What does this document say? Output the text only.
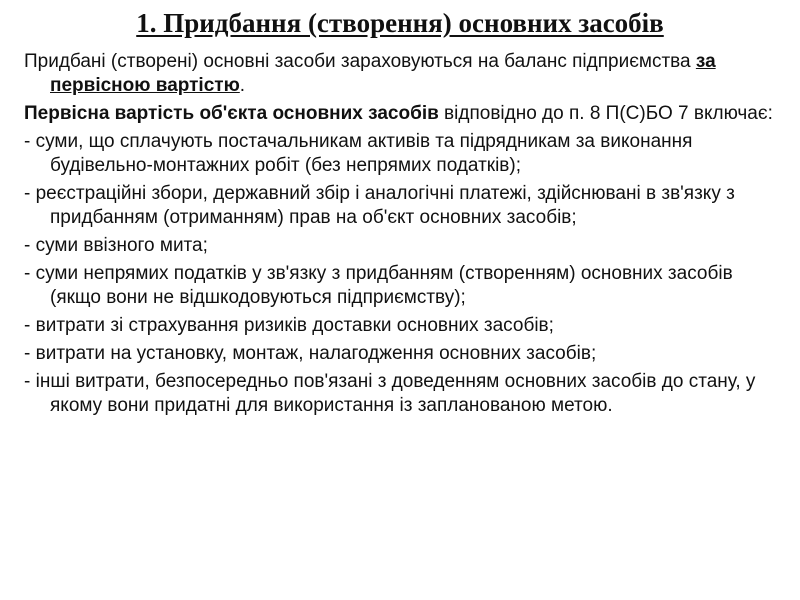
1. Придбання (створення) основних засобів

Придбані (створені) основні засоби зараховуються на баланс підприємства за первісною вартістю.

Первісна вартість об'єкта основних засобів відповідно до п. 8 П(С)БО 7 включає:

- суми, що сплачують постачальникам активів та підрядникам за виконання будівельно-монтажних робіт (без непрямих податків);

- реєстраційні збори, державний збір і аналогічні платежі, здійснювані в зв'язку з придбанням (отриманням) прав на об'єкт основних засобів;

- суми ввізного мита;

- суми непрямих податків у зв'язку з придбанням (створенням) основних засобів (якщо вони не відшкодовуються підприємству);

- витрати зі страхування ризиків доставки основних засобів;

- витрати на установку, монтаж, налагодження основних засобів;

- інші витрати, безпосередньо пов'язані з доведенням основних засобів до стану, у якому вони придатні для використання із запланованою метою.
